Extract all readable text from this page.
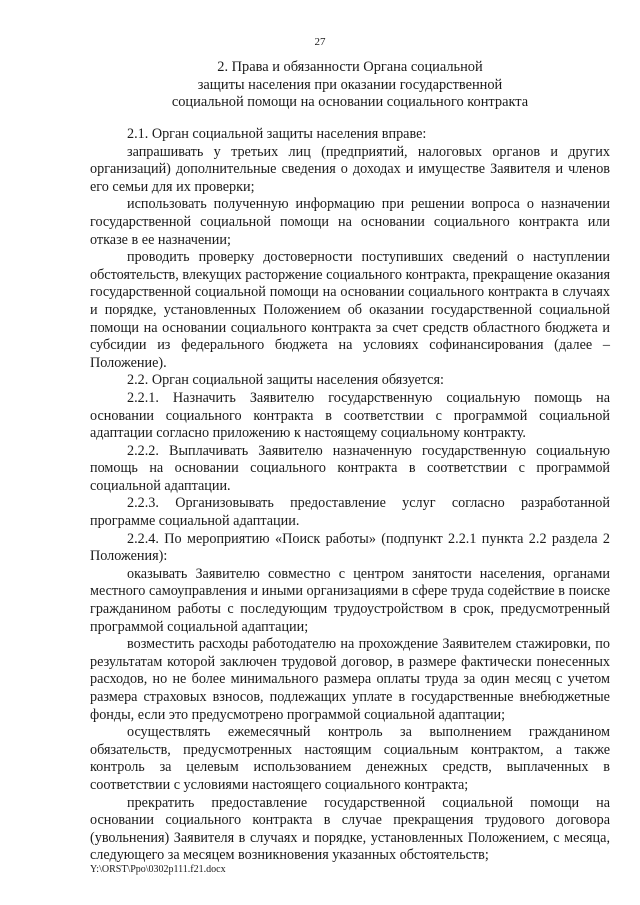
27
2. Права и обязанности Органа социальной
защиты населения при оказании государственной
социальной помощи на основании социального контракта

2.1. Орган социальной защиты населения вправе:

запрашивать у третьих лиц (предприятий, налоговых органов и других организаций) дополнительные сведения о доходах и имуществе Заявителя и членов его семьи для их проверки;

использовать полученную информацию при решении вопроса о назначении государственной социальной помощи на основании социального контракта или отказе в ее назначении;

проводить проверку достоверности поступивших сведений о наступлении обстоятельств, влекущих расторжение социального контракта, прекращение оказания государственной социальной помощи на основании социального контракта в случаях и порядке, установленных Положением об оказании государственной социальной помощи на основании социального контракта за счет средств областного бюджета и субсидии из федерального бюджета на условиях софинансирования (далее – Положение).

2.2. Орган социальной защиты населения обязуется:

2.2.1. Назначить Заявителю государственную социальную помощь на основании социального контракта в соответствии с программой социальной адаптации согласно приложению к настоящему социальному контракту.

2.2.2. Выплачивать Заявителю назначенную государственную социальную помощь на основании социального контракта в соответствии с программой социальной адаптации.

2.2.3. Организовывать предоставление услуг согласно разработанной программе социальной адаптации.

2.2.4. По мероприятию «Поиск работы» (подпункт 2.2.1 пункта 2.2 раздела 2 Положения):

оказывать Заявителю совместно с центром занятости населения, органами местного самоуправления и иными организациями в сфере труда содействие в поиске гражданином работы с последующим трудоустройством в срок, предусмотренный программой социальной адаптации;

возместить расходы работодателю на прохождение Заявителем стажировки, по результатам которой заключен трудовой договор, в размере фактически понесенных расходов, но не более минимального размера оплаты труда за один месяц с учетом размера страховых взносов, подлежащих уплате в государственные внебюджетные фонды, если это предусмотрено программой социальной адаптации;

осуществлять ежемесячный контроль за выполнением гражданином обязательств, предусмотренных настоящим социальным контрактом, а также контроль за целевым использованием денежных средств, выплаченных в соответствии с условиями настоящего социального контракта;

прекратить предоставление государственной социальной помощи на основании социального контракта в случае прекращения трудового договора (увольнения) Заявителя в случаях и порядке, установленных Положением, с месяца, следующего за месяцем возникновения указанных обстоятельств;

Y:\ORST\Ppo\0302p111.f21.docx
